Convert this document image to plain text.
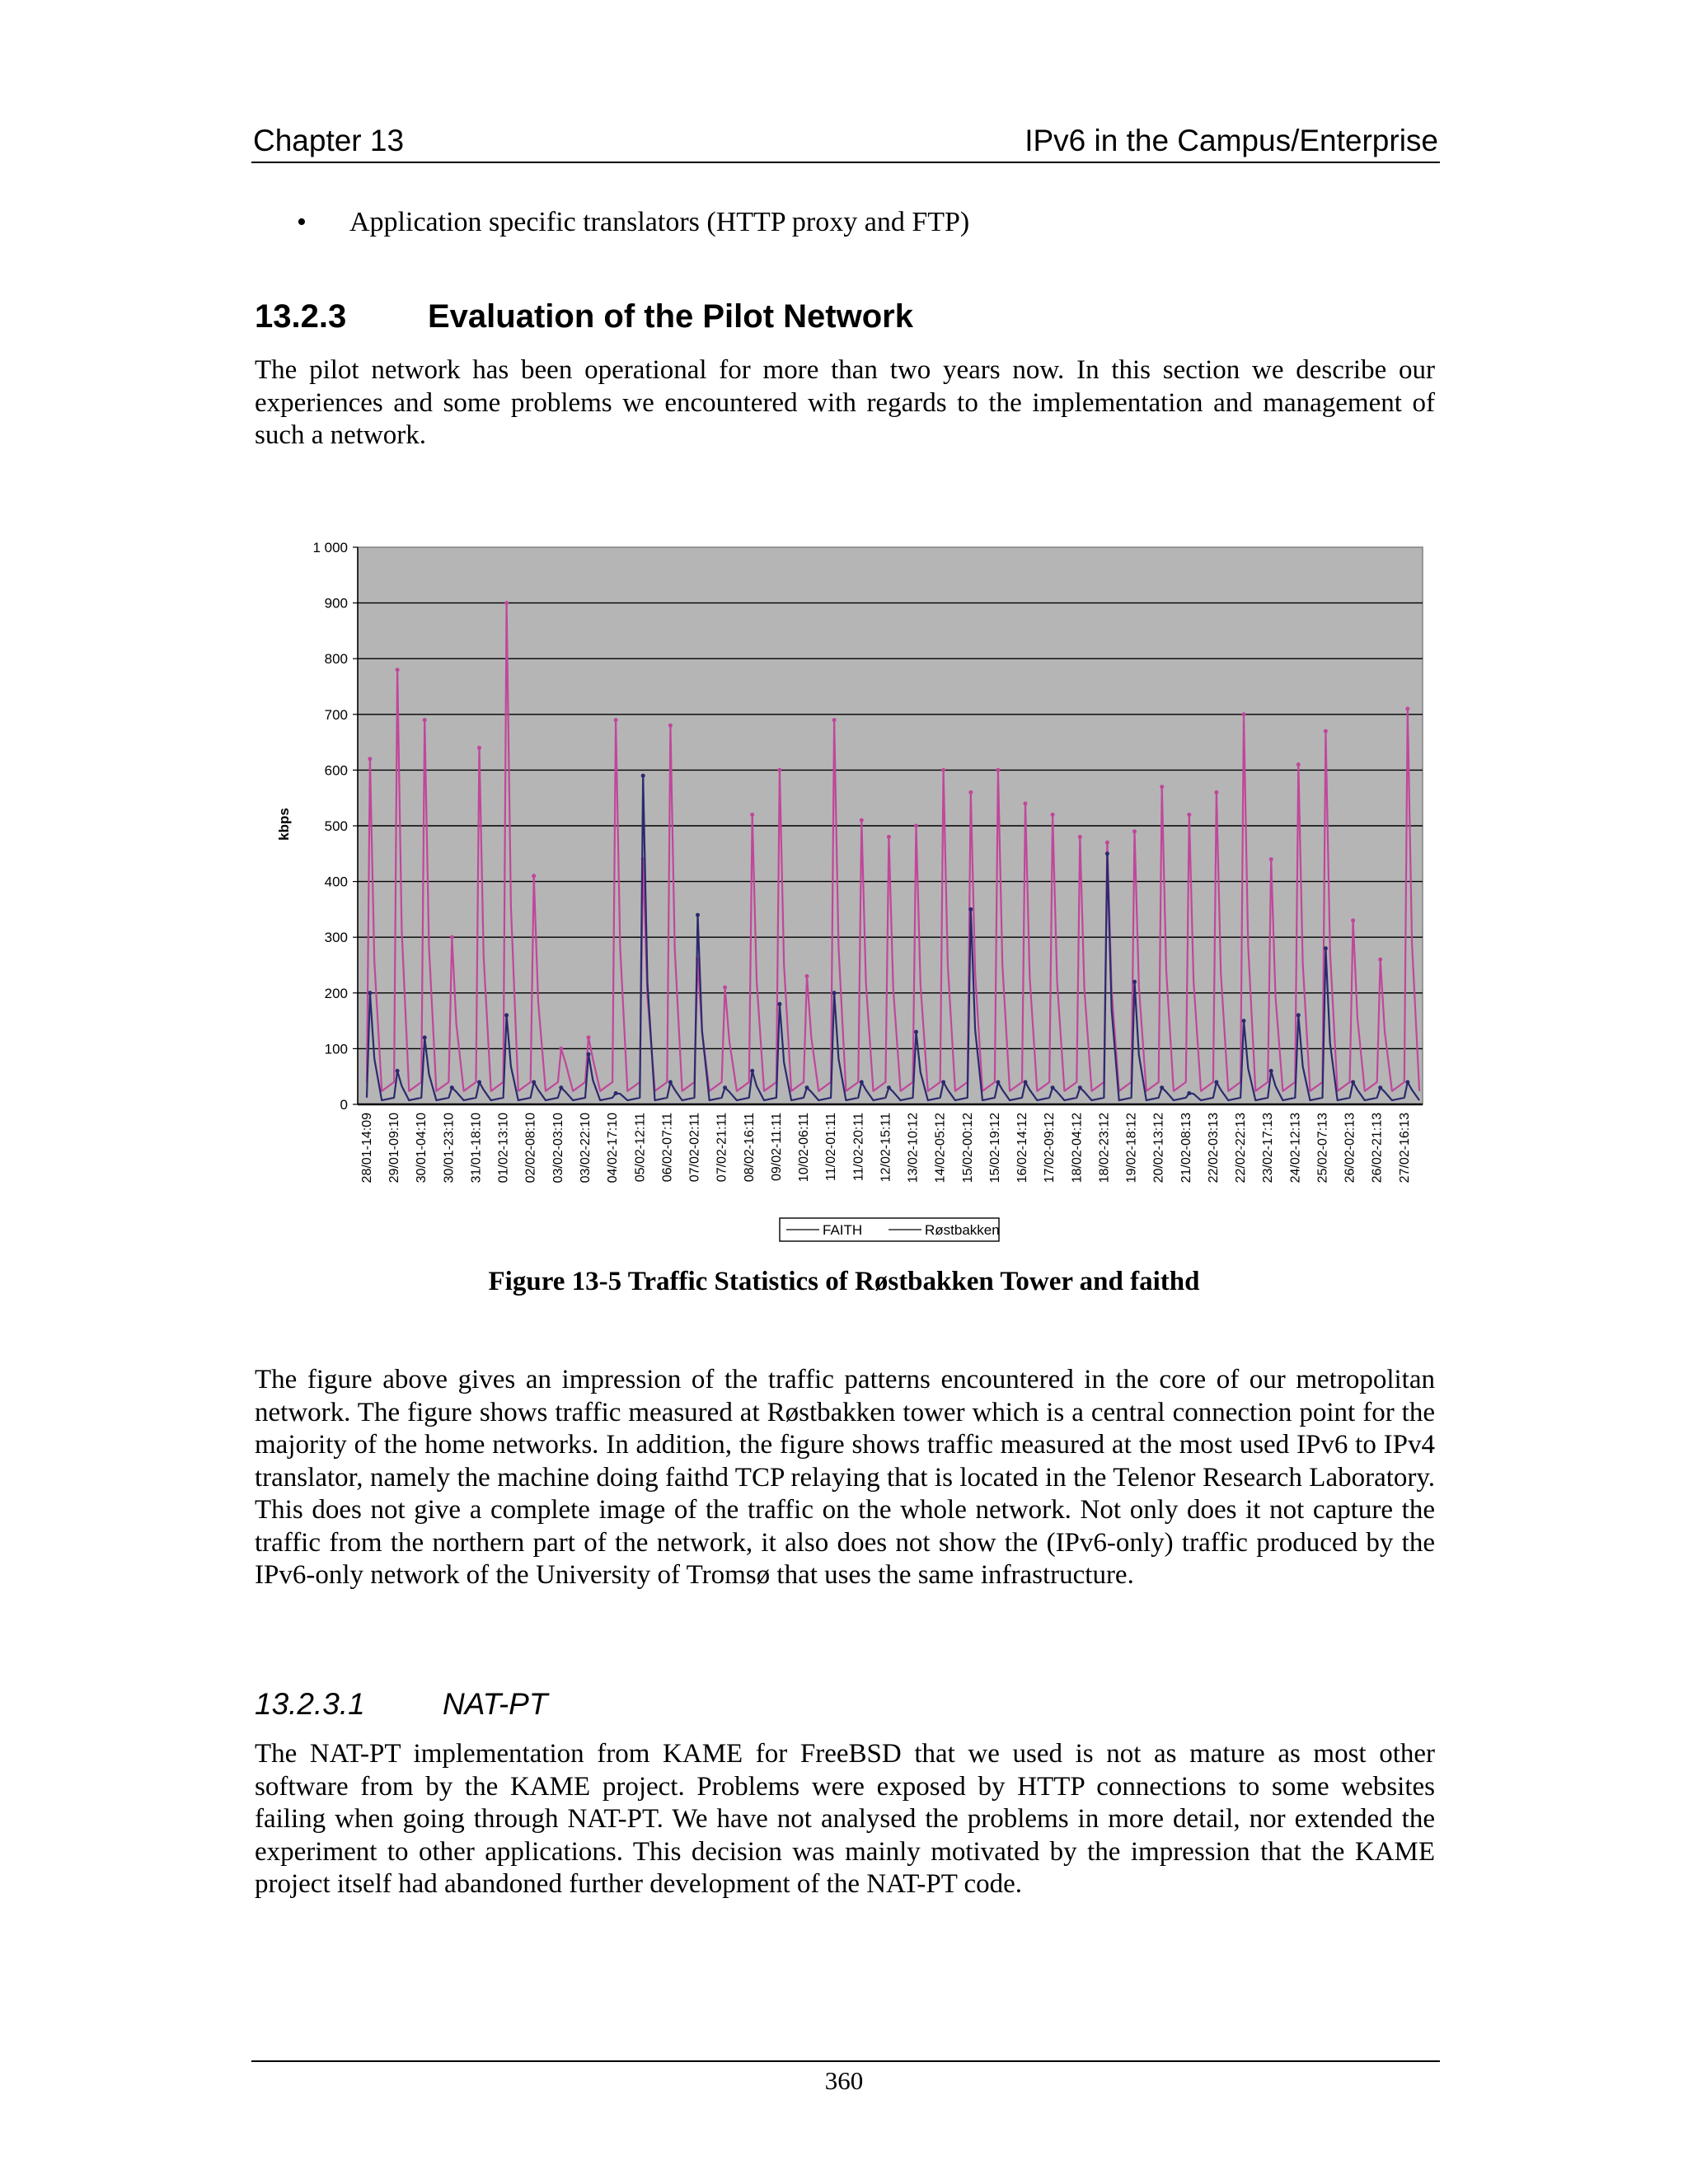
Chapter 13	IPv6 in the Campus/Enterprise
•	Application specific translators (HTTP proxy and FTP)
13.2.3 Evaluation of the Pilot Network
The pilot network has been operational for more than two years now. In this section we describe our experiences and some problems we encountered with regards to the implementation and management of such a network.
0
100
200
300
400
500
600
700
800
900
1 000
28/01-14:09 29/01-09:10 30/01-04:10 30/01-23:10 31/01-18:10 01/02-13:10 02/02-08:10 03/02-03:10 03/02-22:10 04/02-17:10 05/02-12:11 06/02-07:11 07/02-02:11 07/02-21:11 08/02-16:11 09/02-11:11 10/02-06:11 11/02-01:11 11/02-20:11 12/02-15:11 13/02-10:12 14/02-05:12 15/02-00:12 15/02-19:12 16/02-14:12 17/02-09:12 18/02-04:12 18/02-23:12 19/02-18:12 20/02-13:12 21/02-08:13 22/02-03:13 22/02-22:13 23/02-17:13 24/02-12:13 25/02-07:13 26/02-02:13 26/02-21:13 27/02-16:13
kbps
FAITH	Røstbakken
Figure 13-5 Traffic Statistics of Røstbakken Tower and faithd
The figure above gives an impression of the traffic patterns encountered in the core of our metropolitan network. The figure shows traffic measured at Røstbakken tower which is a central connection point for the majority of the home networks. In addition, the figure shows traffic measured at the most used IPv6 to IPv4 translator, namely the machine doing faithd TCP relaying that is located in the Telenor Research Laboratory. This does not give a complete image of the traffic on the whole network. Not only does it not capture the traffic from the northern part of the network, it also does not show the (IPv6-only) traffic produced by the IPv6-only network of the University of Tromsø that uses the same infrastructure.
13.2.3.1	NAT-PT
The NAT-PT implementation from KAME for FreeBSD that we used is not as mature as most other software from by the KAME project. Problems were exposed by HTTP connections to some websites failing when going through NAT-PT. We have not analysed the problems in more detail, nor extended the experiment to other applications. This decision was mainly motivated by the impression that the KAME project itself had abandoned further development of the NAT-PT code.
360
